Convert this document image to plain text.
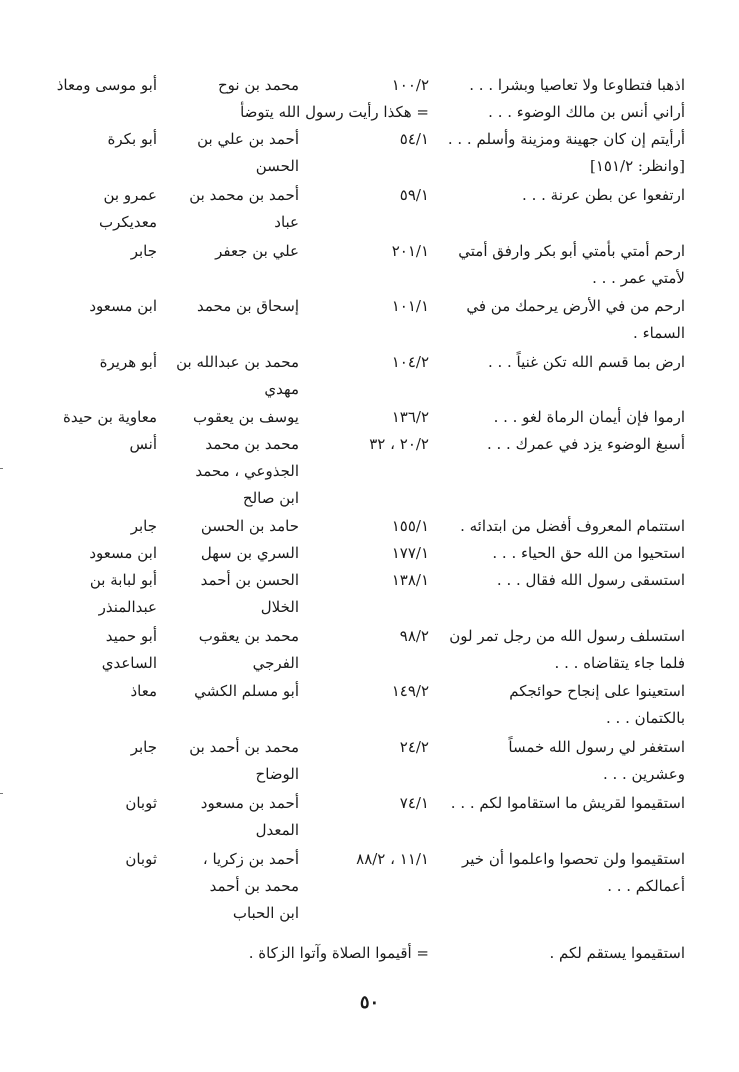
اذهبا فتطاوعا ولا تعاصيا وبشرا . . .
١٠٠/٢
محمد بن نوح
أبو موسى ومعاذ
أراني أنس بن مالك الوضوء . . .
= هكذا رأيت رسول الله يتوضأ
أرأيتم إن كان جهينة ومزينة وأسلم . . .
[وانظر: ١٥١/٢]
٥٤/١
أحمد بن علي بن
الحسن
أبو بكرة
ارتفعوا عن بطن عرنة . . .
٥٩/١
أحمد بن محمد بن
عباد
عمرو بن
معديكرب
ارحم أمتي بأمتي أبو بكر وارفق أمتي
لأمتي عمر . . .
٢٠١/١
علي بن جعفر
جابر
ارحم من في الأرض يرحمك من في
السماء .
١٠١/١
إسحاق بن محمد
ابن مسعود
ارض بما قسم الله تكن غنياً . . .
١٠٤/٢
محمد بن عبدالله بن
مهدي
أبو هريرة
ارموا فإن أيمان الرماة لغو . . .
١٣٦/٢
يوسف بن يعقوب
معاوية بن حيدة
أسبغ الوضوء يزد في عمرك . . .
٢٠/٢ ، ٣٢
محمد بن محمد
الجذوعي ، محمد
ابن صالح
أنس
استتمام المعروف أفضل من ابتدائه .
١٥٥/١
حامد بن الحسن
جابر
استحيوا من الله حق الحياء . . .
١٧٧/١
السري بن سهل
ابن مسعود
استسقى رسول الله فقال . . .
١٣٨/١
الحسن بن أحمد
الخلال
أبو لبابة بن
عبدالمنذر
استسلف رسول الله من رجل تمر لون
فلما جاء يتقاضاه . . .
٩٨/٢
محمد بن يعقوب
الفرجي
أبو حميد
الساعدي
استعينوا على إنجاح حوائجكم
بالكتمان . . .
١٤٩/٢
أبو مسلم الكشي
معاذ
استغفر لي رسول الله خمساً
وعشرين . . .
٢٤/٢
محمد بن أحمد بن
الوضاح
جابر
استقيموا لقريش ما استقاموا لكم . . .
٧٤/١
أحمد بن مسعود
المعدل
ثوبان
استقيموا ولن تحصوا واعلموا أن خير
أعمالكم . . .
١١/١ ، ٨٨/٢
أحمد بن زكريا ،
محمد بن أحمد
ابن الحباب
ثوبان
استقيموا يستقم لكم .
= أقيموا الصلاة وآتوا الزكاة .
٥٠
